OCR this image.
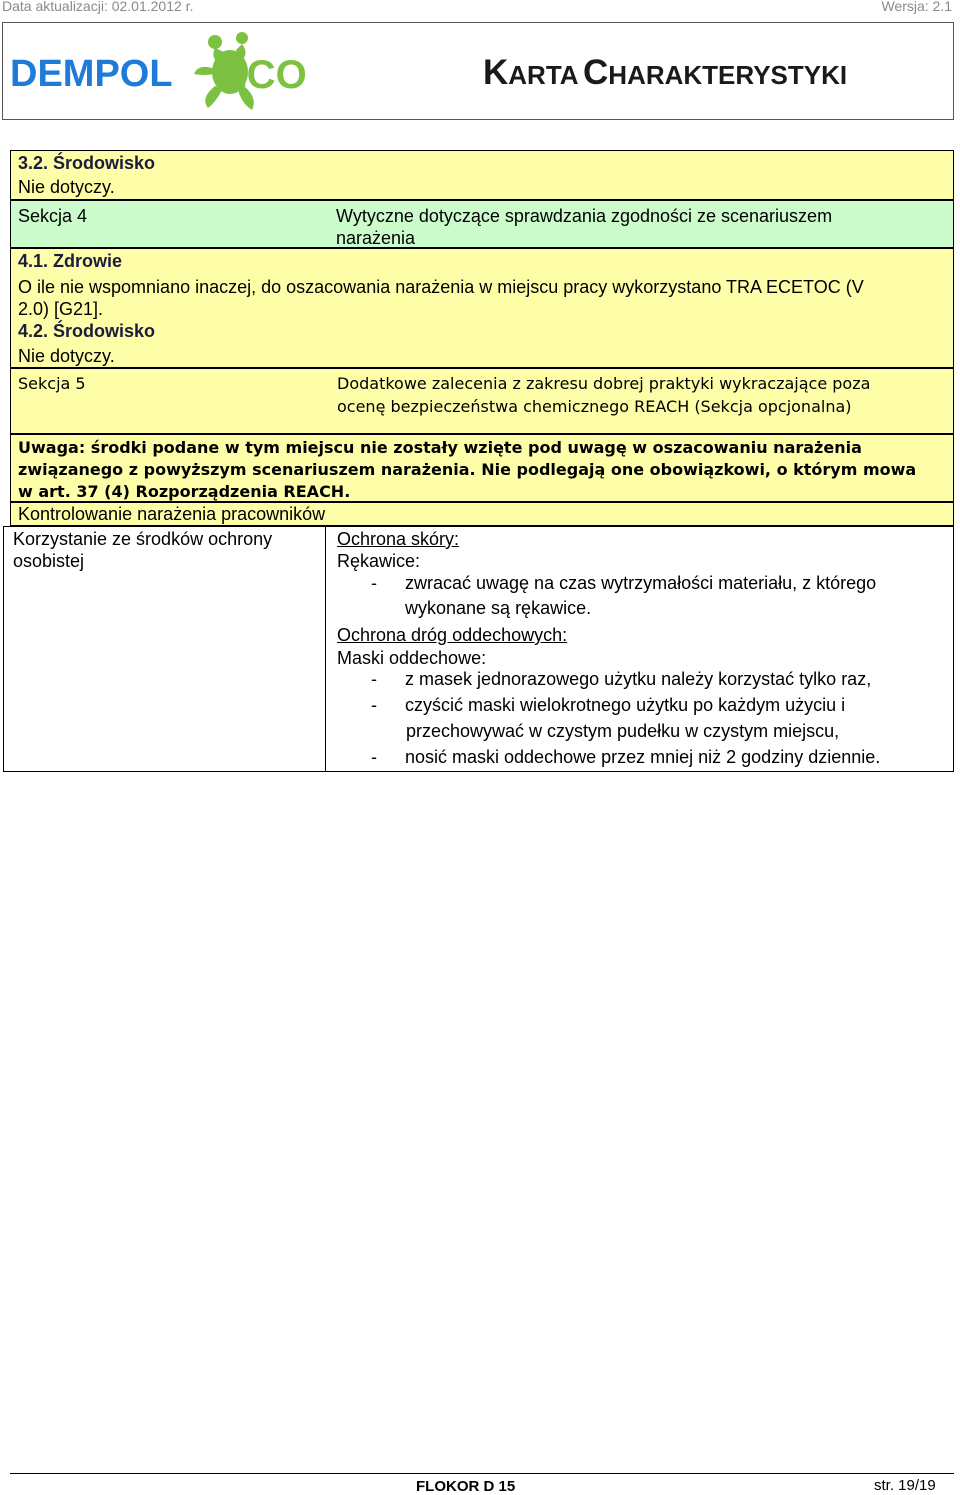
Data aktualizacji: 02.01.2012 r.	Wersja: 2.1
DEMPOL ECO	KARTA CHARAKTERYSTYKI
3.2. Środowisko
Nie dotyczy.
Sekcja 4	Wytyczne dotyczące sprawdzania zgodności ze scenariuszem
narażenia
4.1. Zdrowie
O ile nie wspomniano inaczej, do oszacowania narażenia w miejscu pracy wykorzystano TRA ECETOC (V
2.0) [G21].
4.2. Środowisko
Nie dotyczy.
Sekcja 5	Dodatkowe zalecenia z zakresu dobrej praktyki wykraczające poza
ocenę bezpieczeństwa chemicznego REACH (Sekcja opcjonalna)
Uwaga: środki podane w tym miejscu nie zostały wzięte pod uwagę w oszacowaniu narażenia
związanego z powyższym scenariuszem narażenia. Nie podlegają one obowiązkowi, o którym mowa
w art. 37 (4) Rozporządzenia REACH.
Kontrolowanie narażenia pracowników
Korzystanie ze środków ochrony
osobistej
Ochrona skóry:
Rękawice:
- zwracać uwagę na czas wytrzymałości materiału, z którego
wykonane są rękawice.
Ochrona dróg oddechowych:
Maski oddechowe:
- z masek jednorazowego użytku należy korzystać tylko raz,
- czyścić maski wielokrotnego użytku po każdym użyciu i
przechowywać w czystym pudełku w czystym miejscu,
- nosić maski oddechowe przez mniej niż 2 godziny dziennie.
FLOKOR D 15	str. 19/19
